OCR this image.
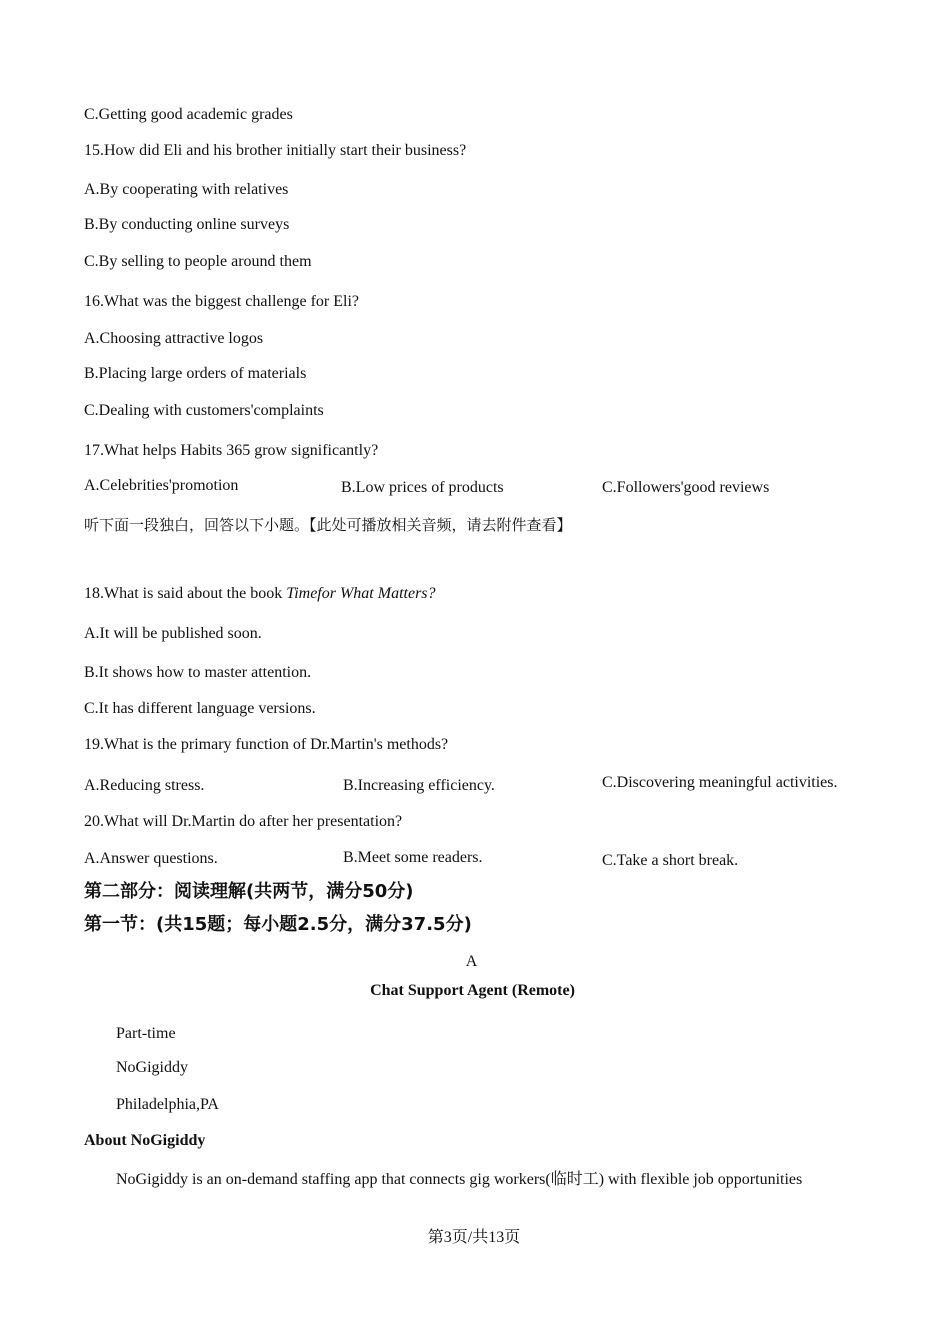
C.Getting good academic grades
15.How did Eli and his brother initially start their business?
A.By cooperating with relatives
B.By conducting online surveys
C.By selling to people around them
16.What was the biggest challenge for Eli?
A.Choosing attractive logos
B.Placing large orders of materials
C.Dealing with customers'complaints
17.What helps Habits 365 grow significantly?
A.Celebrities'promotion	B.Low prices of products	C.Followers'good reviews
听下面一段独白，回答以下小题。【此处可播放相关音频，请去附件查看】
18.What is said about the book Timefor What Matters?
A.It will be published soon.
B.It shows how to master attention.
C.It has different language versions.
19.What is the primary function of Dr.Martin's methods?
A.Reducing stress.	B.Increasing efficiency.	C.Discovering meaningful activities.
20.What will Dr.Martin do after her presentation?
A.Answer questions.	B.Meet some readers.	C.Take a short break.
第二部分：阅读理解(共两节，满分50分)
第一节：(共15题；每小题2.5分，满分37.5分)
A
Chat Support Agent (Remote)
Part-time
NoGigiddy
Philadelphia,PA
About NoGigiddy
NoGigiddy is an on-demand staffing app that connects gig workers(临时工) with flexible job opportunities
第3页/共13页
